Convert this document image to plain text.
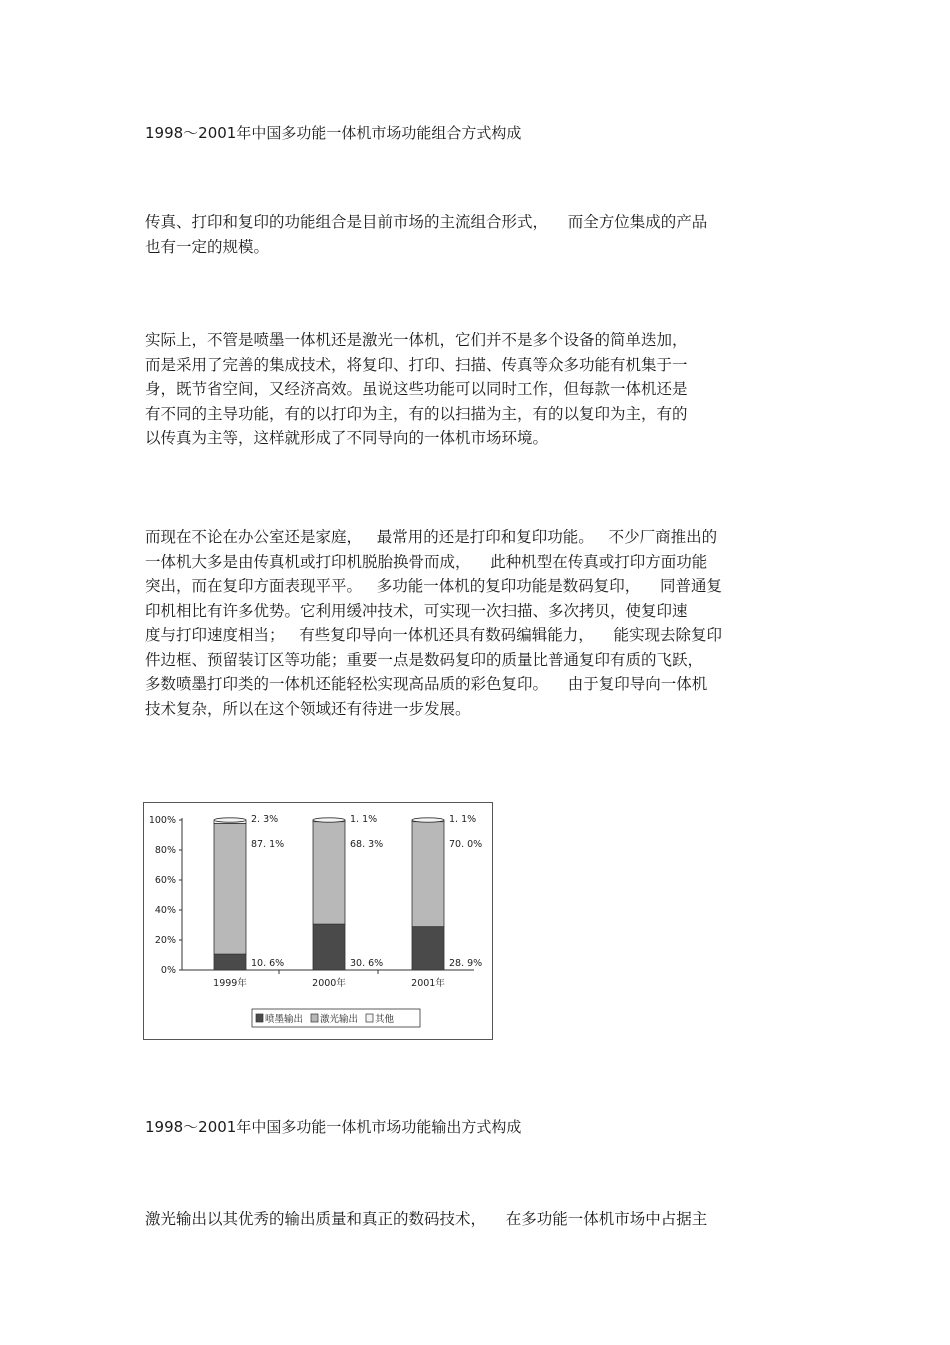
1998～2001年中国多功能一体机市场功能组合方式构成
传真、打印和复印的功能组合是目前市场的主流组合形式，    而全方位集成的产品
也有一定的规模。
实际上，不管是喷墨一体机还是激光一体机，它们并不是多个设备的简单迭加，
而是采用了完善的集成技术，将复印、打印、扫描、传真等众多功能有机集于一
身，既节省空间，又经济高效。虽说这些功能可以同时工作，但每款一体机还是
有不同的主导功能，有的以打印为主，有的以扫描为主，有的以复印为主，有的
以传真为主等，这样就形成了不同导向的一体机市场环境。
而现在不论在办公室还是家庭，   最常用的还是打印和复印功能。   不少厂商推出的
一体机大多是由传真机或打印机脱胎换骨而成，    此种机型在传真或打印方面功能
突出，而在复印方面表现平平。   多功能一体机的复印功能是数码复印，    同普通复
印机相比有许多优势。它利用缓冲技术，可实现一次扫描、多次拷贝，使复印速
度与打印速度相当；   有些复印导向一体机还具有数码编辑能力，    能实现去除复印
件边框、预留装订区等功能；重要一点是数码复印的质量比普通复印有质的飞跃，
多数喷墨打印类的一体机还能轻松实现高品质的彩色复印。    由于复印导向一体机
技术复杂，所以在这个领域还有待进一步发展。
0%
20%
40%
60%
80%
100%
10. 6%
87. 1%
2. 3%
1999年
30. 6%
68. 3%
1. 1%
2000年
28. 9%
70. 0%
1. 1%
2001年
喷墨输出 激光输出 其他
1998～2001年中国多功能一体机市场功能输出方式构成
激光输出以其优秀的输出质量和真正的数码技术，    在多功能一体机市场中占据主
